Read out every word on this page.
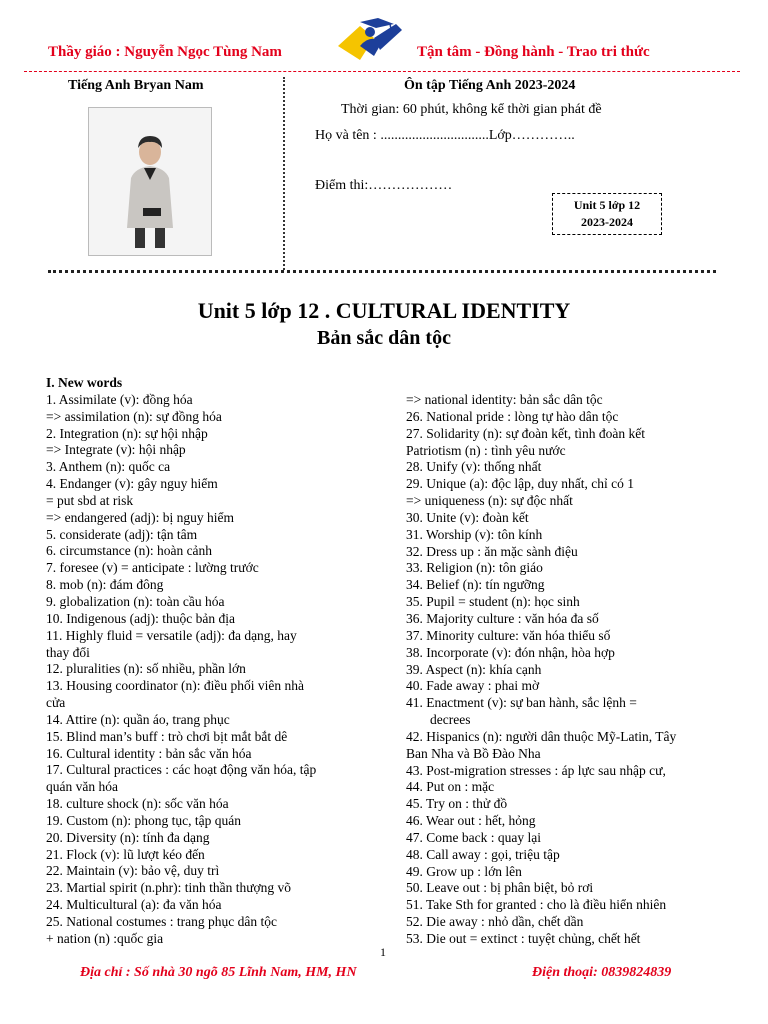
Thầy giáo : Nguyễn Ngọc Tùng Nam	Tận tâm - Đồng hành - Trao tri thức
Tiếng Anh Bryan Nam	Ôn tập Tiếng Anh 2023-2024
Thời gian: 60 phút, không kể thời gian phát đề
Họ và tên : ...............................Lớp…………..
Điểm thi:………………
Unit 5 lớp 12
2023-2024
Unit 5 lớp 12 . CULTURAL IDENTITY
Bản sắc dân tộc
I. New words
1. Assimilate (v): đồng hóa
=> assimilation (n): sự đồng hóa
2. Integration (n): sự hội nhập
=> Integrate (v): hội nhập
3. Anthem (n): quốc ca
4. Endanger (v): gây nguy hiểm
= put sbd at risk
=> endangered (adj): bị nguy hiểm
5. considerate (adj): tận tâm
6. circumstance (n): hoàn cảnh
7. foresee (v) = anticipate : lường trước
8. mob (n): đám đông
9. globalization (n): toàn cầu hóa
10. Indigenous (adj): thuộc bản địa
11. Highly fluid = versatile (adj): đa dạng, hay
thay đổi
12. pluralities (n): số nhiều, phần lớn
13. Housing coordinator (n): điều phối viên nhà
cửa
14. Attire (n): quần áo, trang phục
15. Blind man’s buff : trò chơi bịt mắt bắt dê
16. Cultural identity : bản sắc văn hóa
17. Cultural practices : các hoạt động văn hóa, tập
quán văn hóa
18. culture shock (n): sốc văn hóa
19. Custom (n): phong tục, tập quán
20. Diversity (n): tính đa dạng
21. Flock (v): lũ lượt kéo đến
22. Maintain (v): bảo vệ, duy trì
23. Martial spirit (n.phr): tinh thần thượng võ
24. Multicultural (a): đa văn hóa
25. National costumes : trang phục dân tộc
+ nation (n) :quốc gia
=> national identity: bản sắc dân tộc
26. National pride : lòng tự hào dân tộc
27. Solidarity (n): sự đoàn kết, tình đoàn kết
Patriotism (n) : tình yêu nước
28. Unify (v): thống nhất
29. Unique (a): độc lập, duy nhất, chỉ có 1
=> uniqueness (n): sự độc nhất
30. Unite (v): đoàn kết
31. Worship (v): tôn kính
32. Dress up : ăn mặc sành điệu
33. Religion (n): tôn giáo
34. Belief (n): tín ngưỡng
35. Pupil = student (n): học sinh
36. Majority culture : văn hóa đa số
37. Minority culture: văn hóa thiểu số
38. Incorporate (v): đón nhận, hòa hợp
39. Aspect (n): khía cạnh
40. Fade away : phai mờ
41. Enactment (v): sự ban hành, sắc lệnh =
decrees
42. Hispanics (n): người dân thuộc Mỹ-Latin, Tây
Ban Nha và Bồ Đào Nha
43. Post-migration stresses : áp lực sau nhập cư,
44. Put on : mặc
45. Try on : thử đồ
46. Wear out : hết, hỏng
47. Come back : quay lại
48. Call away : gọi, triệu tập
49. Grow up : lớn lên
50. Leave out : bị phân biệt, bỏ rơi
51. Take Sth for granted : cho là điều hiển nhiên
52. Die away : nhỏ dần, chết dần
53. Die out = extinct : tuyệt chủng, chết hết
1
Địa chỉ : Số nhà 30 ngõ 85 Lĩnh Nam, HM, HN	Điện thoại: 0839824839
